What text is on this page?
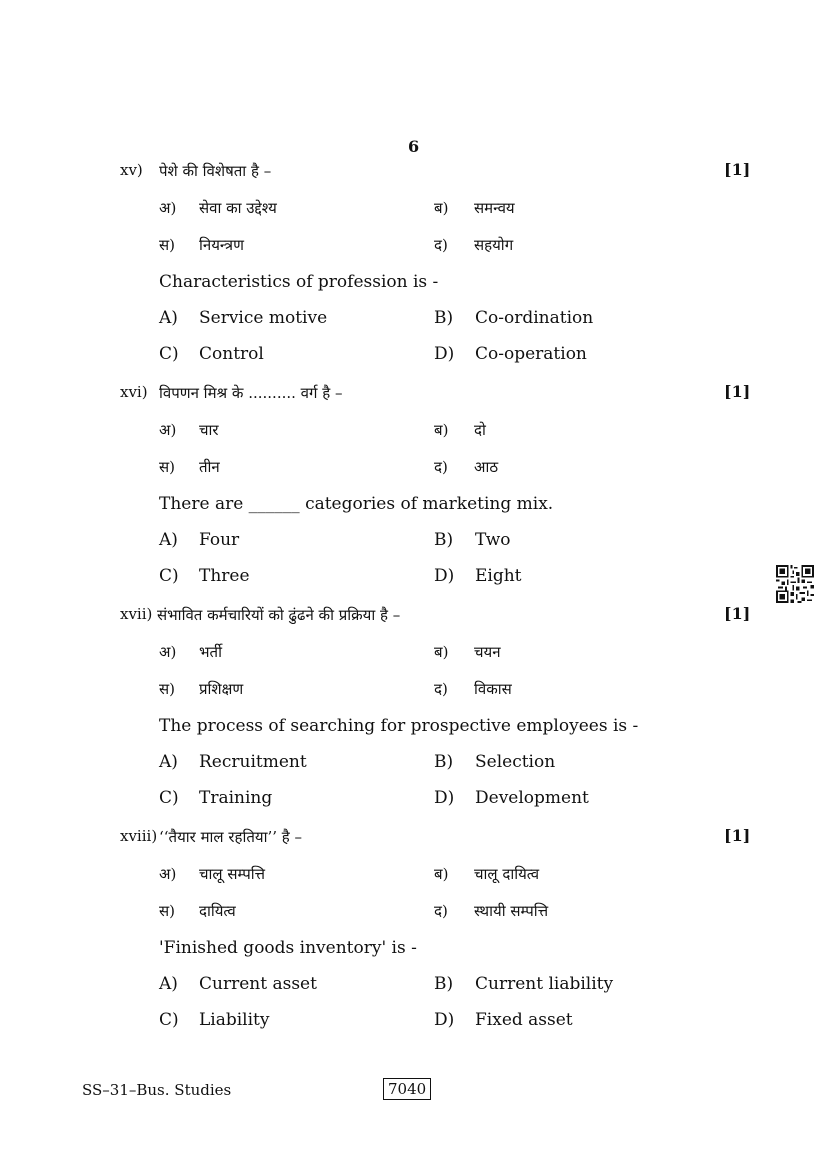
6
xv) पेशे की विशेषता है –	[1]
अ) सेवा का उद्देश्य	ब) समन्वय
स) नियन्त्रण	द) सहयोग
Characteristics of profession is -
A) Service motive	B) Co-ordination
C) Control	D) Co-operation
xvi) विपणन मिश्र के .......... वर्ग है –	[1]
अ) चार	ब) दो
स) तीन	द) आठ
There are ______ categories of marketing mix.
A) Four	B) Two
C) Three	D) Eight
xvii) संभावित कर्मचारियों को ढुंढने की प्रक्रिया है –	[1]
अ) भर्ती	ब) चयन
स) प्रशिक्षण	द) विकास
The process of searching for prospective employees is -
A) Recruitment	B) Selection
C) Training	D) Development
xviii) ‘‘तैयार माल रहतिया’’ है –	[1]
अ) चालू सम्पत्ति	ब) चालू दायित्व
स) दायित्व	द) स्थायी सम्पत्ति
'Finished goods inventory' is -
A) Current asset	B) Current liability
C) Liability	D) Fixed asset
SS–31–Bus. Studies	7040
